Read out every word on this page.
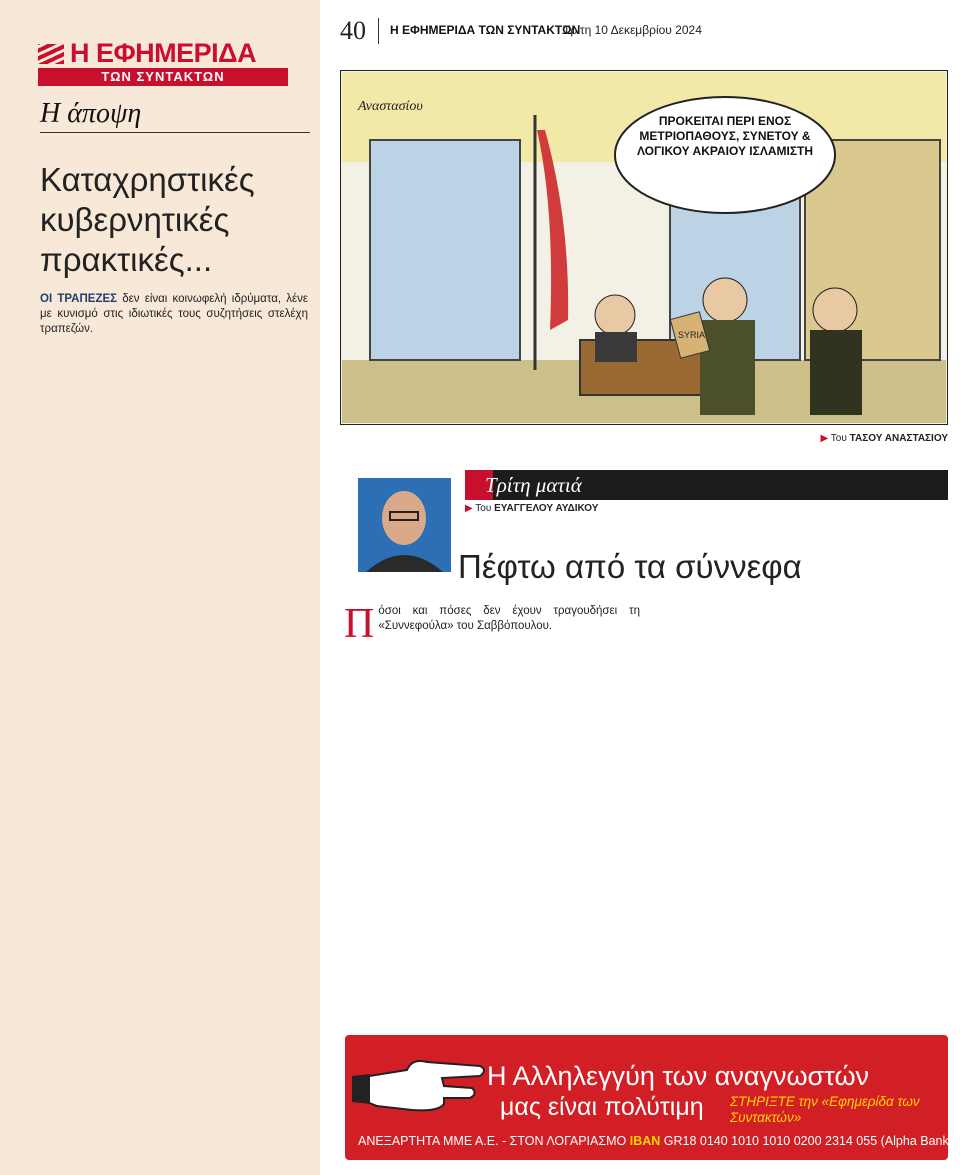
Η ΕΦΗΜΕΡΙΔΑ
ΤΩΝ ΣΥΝΤΑΚΤΩΝ
Η άποψη
Καταχρηστικές κυβερνητικές πρακτικές...

ΟΙ ΤΡΑΠΕΖΕΣ δεν είναι κοινωφελή ιδρύματα, λένε με κυνισμό στις ιδιωτικές τους συζητήσεις στελέχη τραπεζών.

40	Η ΕΦΗΜΕΡΙΔΑ ΤΩΝ ΣΥΝΤΑΚΤΩΝ
Τρίτη 10 Δεκεμβρίου 2024
SYRIA
ΠΡΟΚΕΙΤΑΙ ΠΕΡΙ ΕΝΟΣ ΜΕΤΡΙΟΠΑΘΟΥΣ, ΣΥΝΕΤΟΥ & ΛΟΓΙΚΟΥ ΑΚΡΑΙΟΥ ΙΣΛΑΜΙΣΤΗ
Αναστασίου
▶ Του ΤΑΣΟΥ ΑΝΑΣΤΑΣΙΟΥ
Τρίτη ματιά
▶ Του ΕΥΑΓΓΕΛΟΥ ΑΥΔΙΚΟΥ
Πέφτω από τα σύννεφα
Π όσοι και πόσες δεν έχουν τραγουδήσει τη «Συννεφούλα» του Σαββόπουλου.

Η Αλληλεγγύη των αναγνωστών
μας είναι πολύτιμη	ΣΤΗΡΙΞΤΕ την «Εφημερίδα των Συντακτών»
ΑΝΕΞΑΡΤΗΤΑ ΜΜΕ Α.Ε. - ΣΤΟΝ ΛΟΓΑΡΙΑΣΜΟ IBAN GR18 0140 1010 1010 0200 2314 055 (Alpha Bank)
